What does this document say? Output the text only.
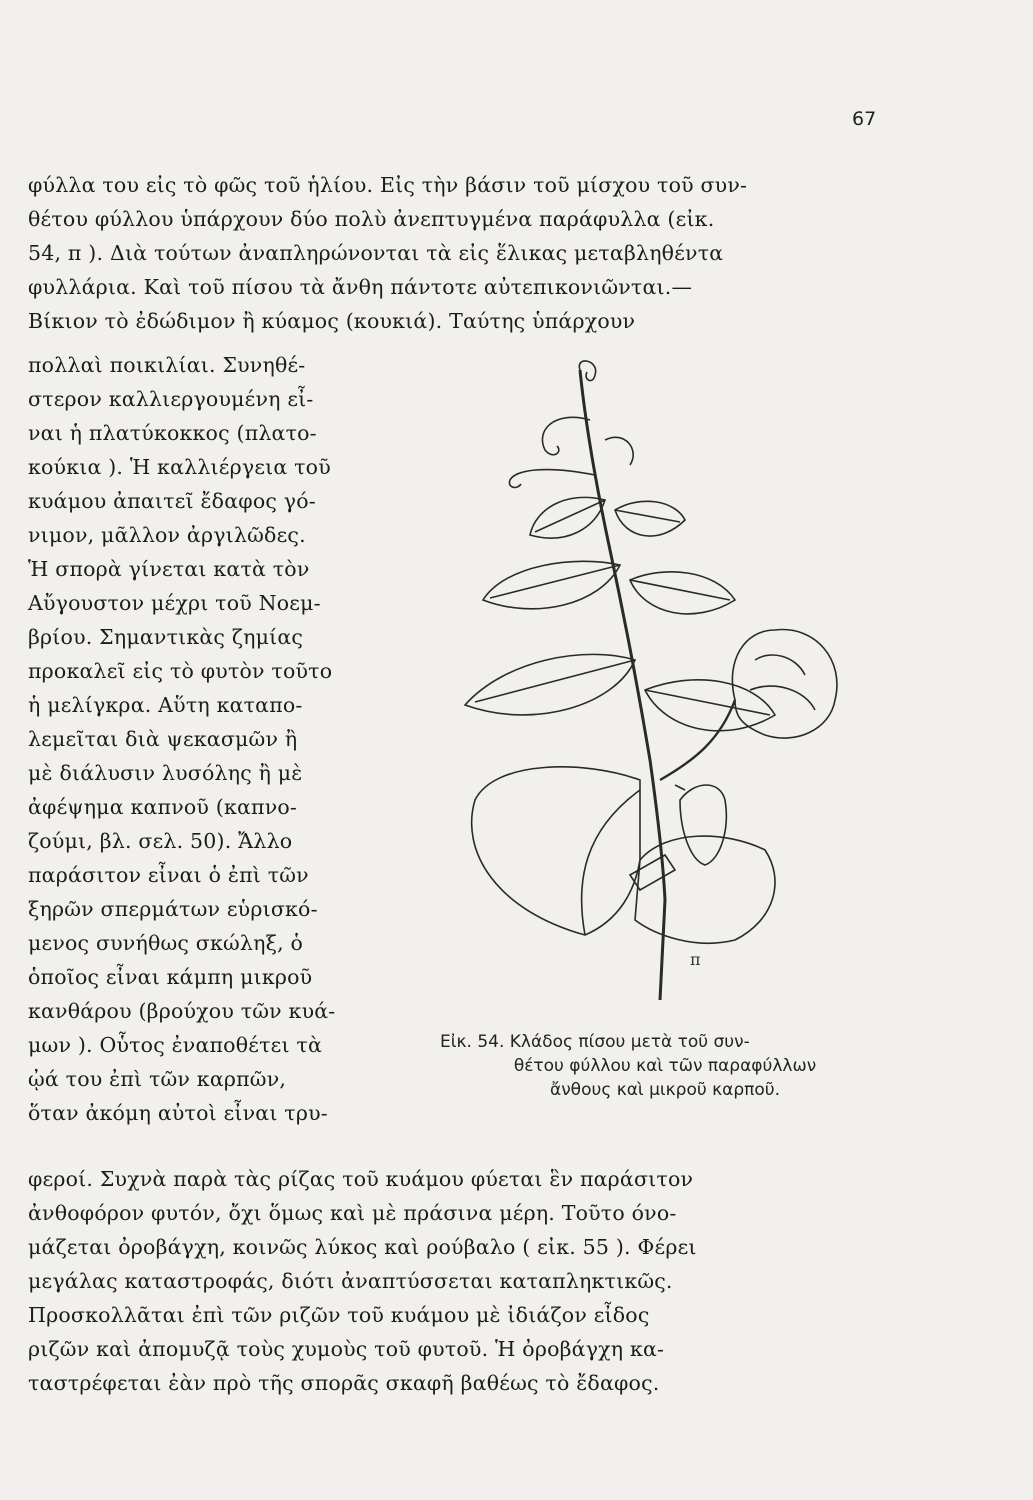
67
φύλλα του εἰς τὸ φῶς τοῦ ἡλίου. Εἰς τὴν βάσιν τοῦ μίσχου τοῦ συν-
θέτου φύλλου ὑπάρχουν δύο πολὺ ἀνεπτυγμένα παράφυλλα (εἰκ.
54, π ). Διὰ τούτων ἀναπληρώνονται τὰ εἰς ἕλικας μεταβληθέντα
φυλλάρια. Καὶ τοῦ πίσου τὰ ἄνθη πάντοτε αὐτεπικονιῶνται.—
Βίκιον τὸ ἐδώδιμον ἢ κύαμος (κουκιά). Ταύτης ὑπάρχουν
πολλαὶ ποικιλίαι. Συνηθέ-
στερον καλλιεργουμένη εἶ-
ναι ἡ πλατύκοκκος (πλατο-
κούκια ). Ἡ καλλιέργεια τοῦ
κυάμου ἀπαιτεῖ ἔδαφος γό-
νιμον, μᾶλλον ἀργιλῶδες.
Ἡ σπορὰ γίνεται κατὰ τὸν
Αὔγουστον μέχρι τοῦ Νοεμ-
βρίου. Σημαντικὰς ζημίας
προκαλεῖ εἰς τὸ φυτὸν τοῦτο
ἡ μελίγκρα. Αὕτη καταπο-
λεμεῖται διὰ ψεκασμῶν ἢ
μὲ διάλυσιν λυσόλης ἢ μὲ
ἀφέψημα καπνοῦ (καπνο-
ζούμι, βλ. σελ. 50). Ἄλλο
παράσιτον εἶναι ὁ ἐπὶ τῶν
ξηρῶν σπερμάτων εὑρισκό-
μενος συνήθως σκώληξ, ὁ
ὁποῖος εἶναι κάμπη μικροῦ
κανθάρου (βρούχου τῶν κυά-
μων ). Οὗτος ἐναποθέτει τὰ
ᾠά του ἐπὶ τῶν καρπῶν,
ὅταν ἀκόμη αὐτοὶ εἶναι τρυ-
Εἰκ. 54. Κλάδος πίσου μετὰ τοῦ συν-
θέτου φύλλου καὶ τῶν παραφύλλων
ἄνθους καὶ μικροῦ καρποῦ.
φεροί. Συχνὰ παρὰ τὰς ρίζας τοῦ κυάμου φύεται ἓν παράσιτον
ἀνθοφόρον φυτόν, ὄχι ὅμως καὶ μὲ πράσινα μέρη. Τοῦτο όνο-
μάζεται ὀροβάγχη, κοινῶς λύκος καὶ ρούβαλο ( εἰκ. 55 ). Φέρει
μεγάλας καταστροφάς, διότι ἀναπτύσσεται καταπληκτικῶς.
Προσκολλᾶται ἐπὶ τῶν ριζῶν τοῦ κυάμου μὲ ἰδιάζον εἶδος
ριζῶν καὶ ἀπομυζᾷ τοὺς χυμοὺς τοῦ φυτοῦ. Ἡ ὀροβάγχη κα-
ταστρέφεται ἐὰν πρὸ τῆς σπορᾶς σκαφῆ βαθέως τὸ ἔδαφος.
π
